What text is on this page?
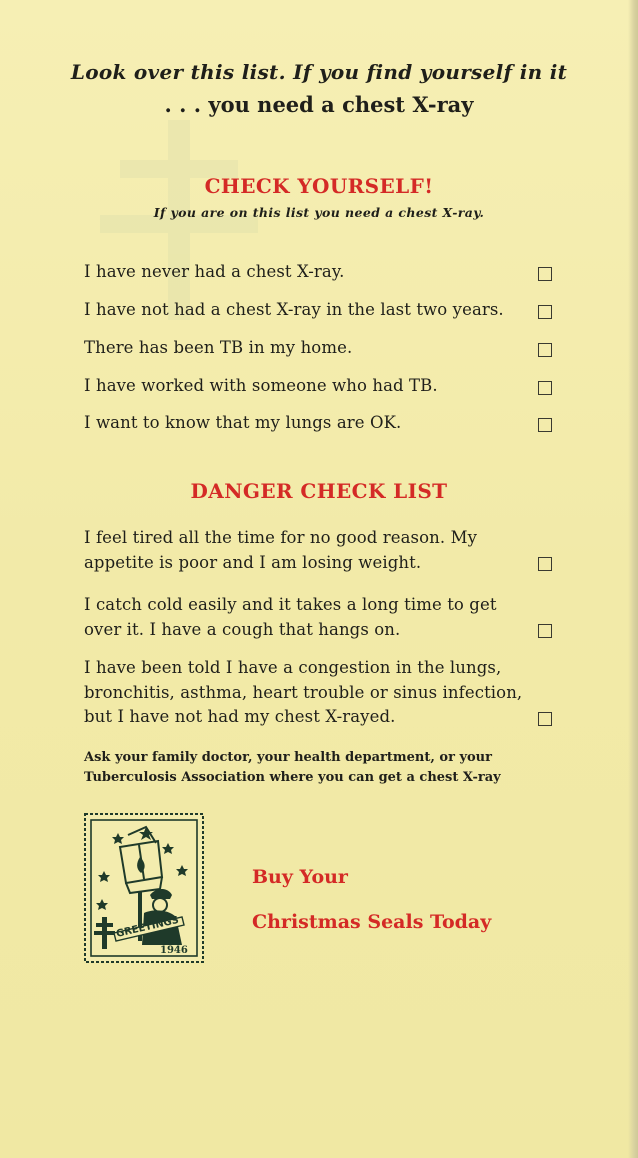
Look over this list. If you find yourself in it
. . . you need a chest X-ray
CHECK YOURSELF!
If you are on this list you need a chest X-ray.
I have never had a chest X-ray.
I have not had a chest X-ray in the last two years.
There has been TB in my home.
I have worked with someone who had TB.
I want to know that my lungs are OK.
DANGER CHECK LIST
I feel tired all the time for no good reason. My appetite is poor and I am losing weight.
I catch cold easily and it takes a long time to get over it. I have a cough that hangs on.
I have been told I have a congestion in the lungs, bronchitis, asthma, heart trouble or sinus infection, but I have not had my chest X-rayed.
Ask your family doctor, your health department, or your Tuberculosis Association where you can get a chest X-ray
GREETINGS
1946
Buy Your
Christmas Seals Today
